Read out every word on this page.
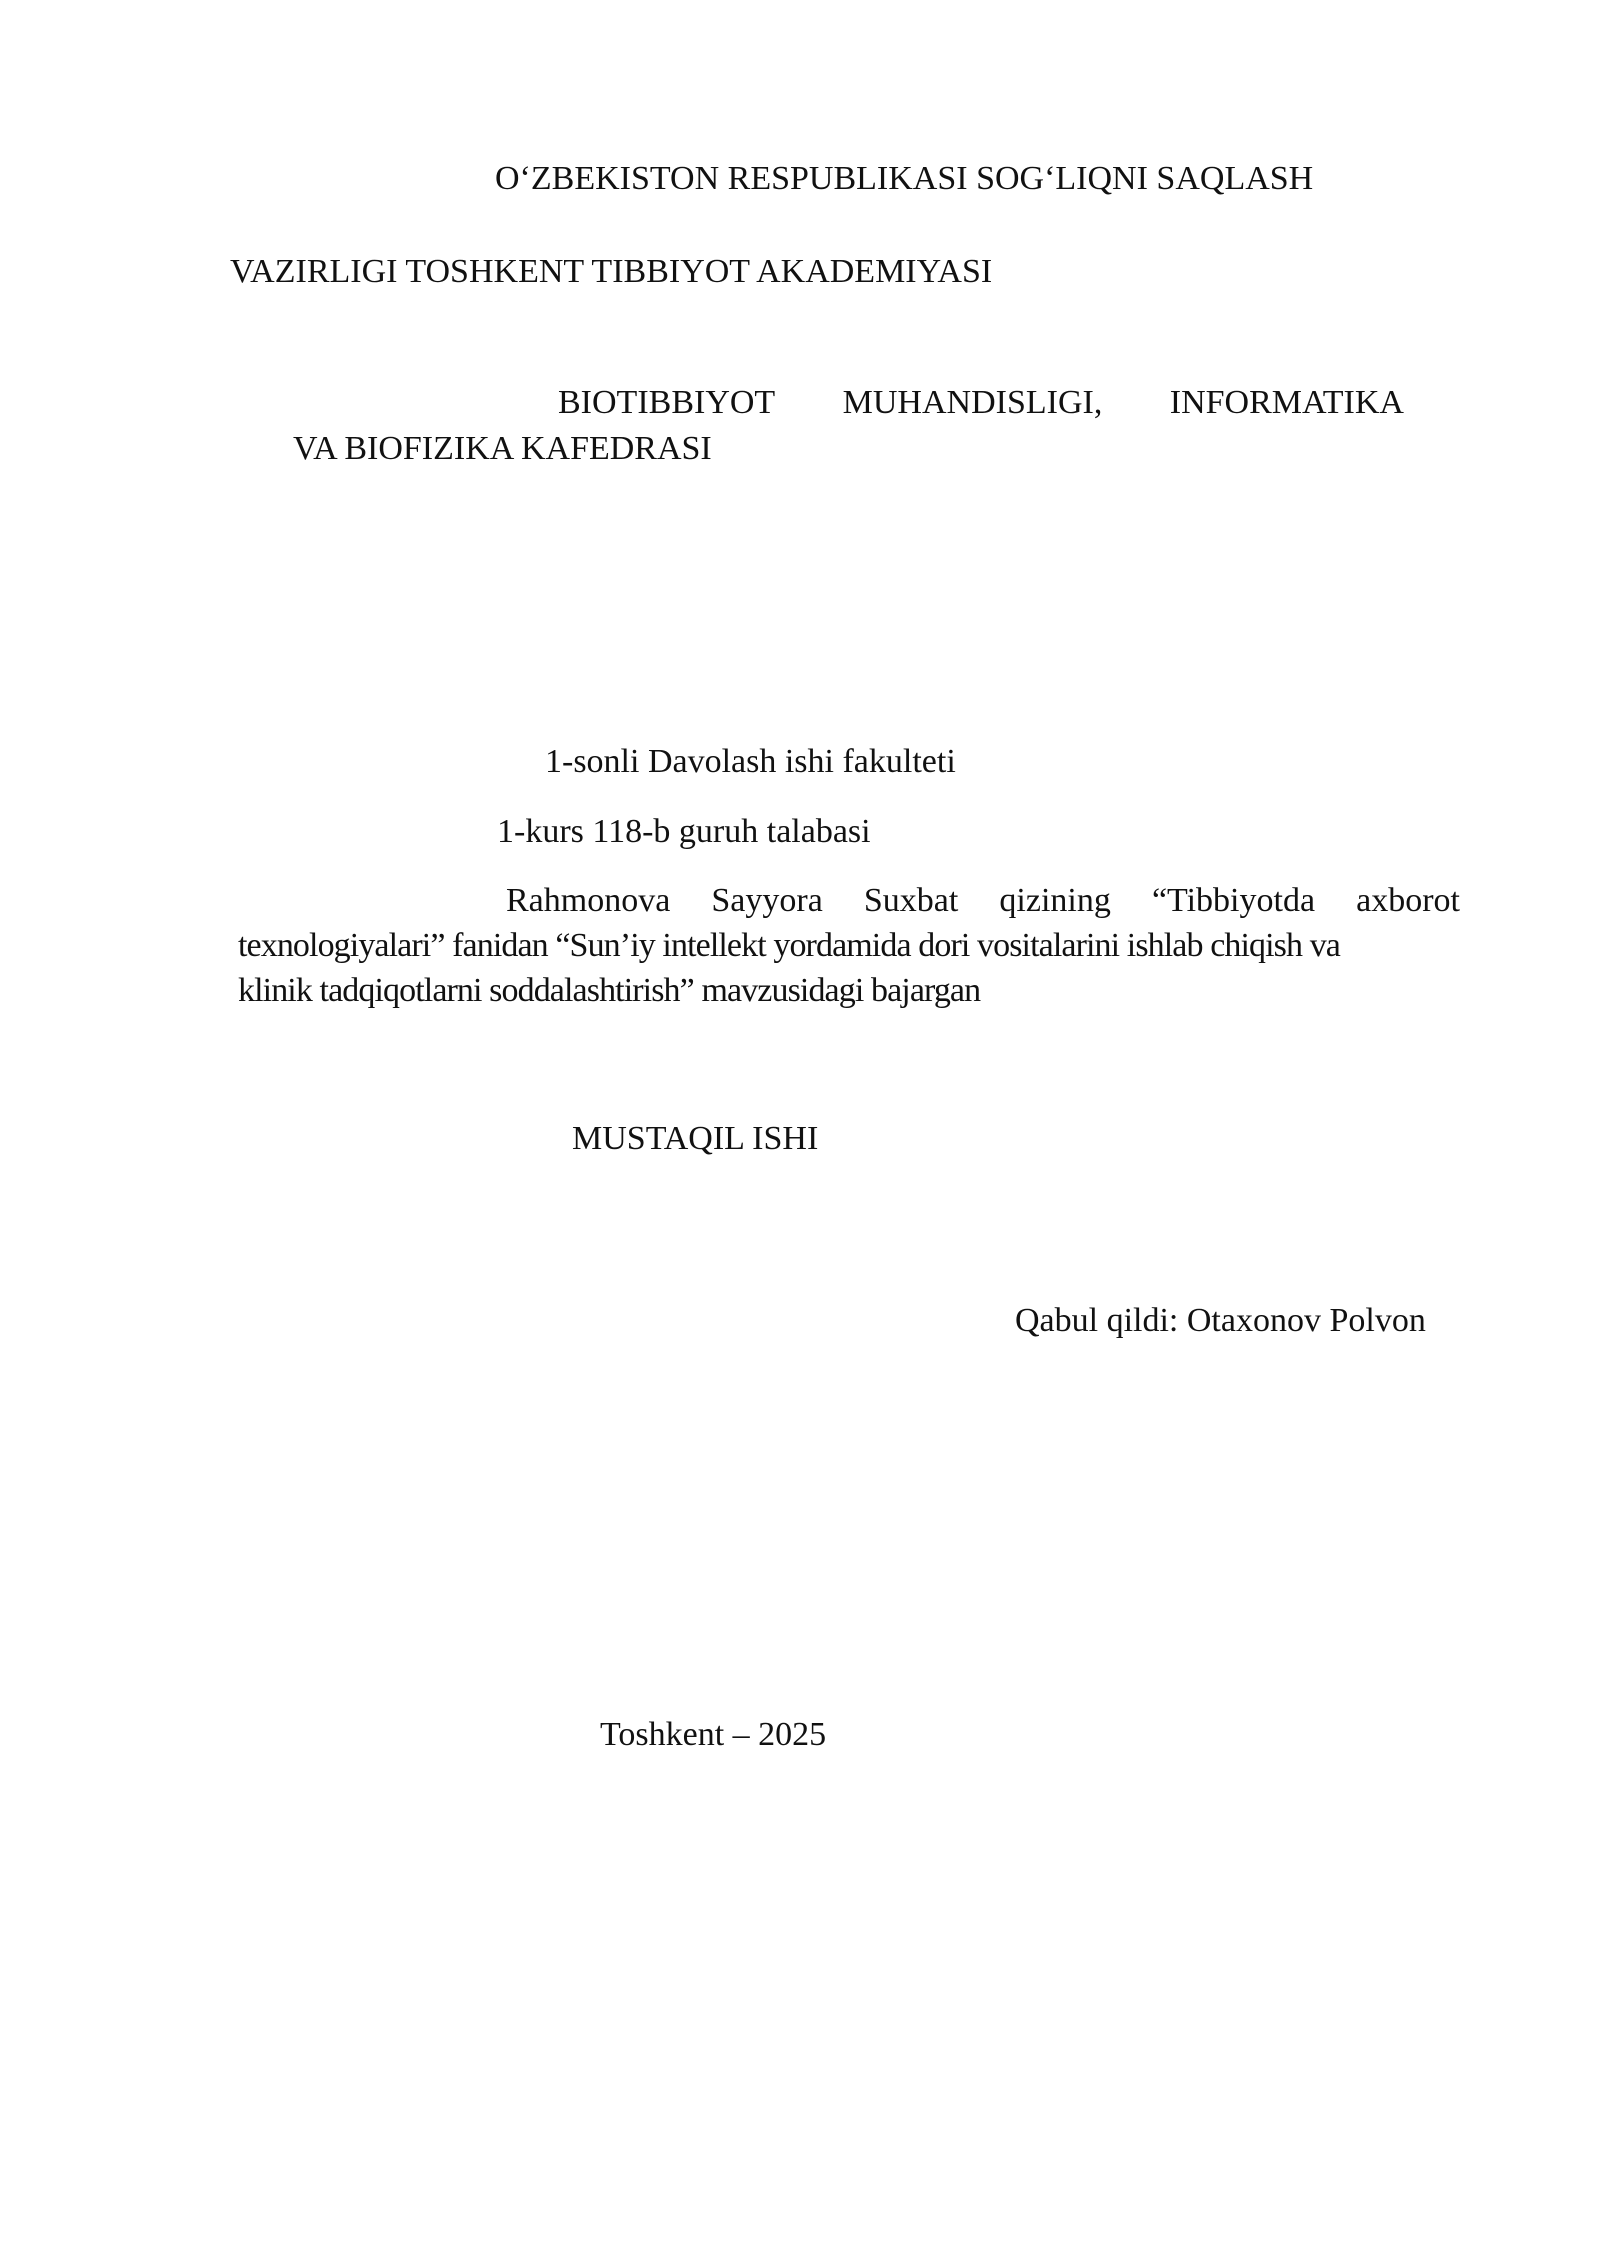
O‘ZBEKISTON RESPUBLIKASI SOG‘LIQNI SAQLASH
VAZIRLIGI TOSHKENT TIBBIYOT AKADEMIYASI
BIOTIBBIYOT MUHANDISLIGI, INFORMATIKA
VA BIOFIZIKA KAFEDRASI
1-sonli Davolash ishi fakulteti
1-kurs 118-b guruh talabasi
Rahmonova Sayyora Suxbat qizining “Tibbiyotda axborot
texnologiyalari” fanidan “Sun’iy intellekt yordamida dori vositalarini ishlab chiqish va
klinik tadqiqotlarni soddalashtirish” mavzusidagi bajargan
MUSTAQIL ISHI
Qabul qildi: Otaxonov Polvon
Toshkent – 2025
